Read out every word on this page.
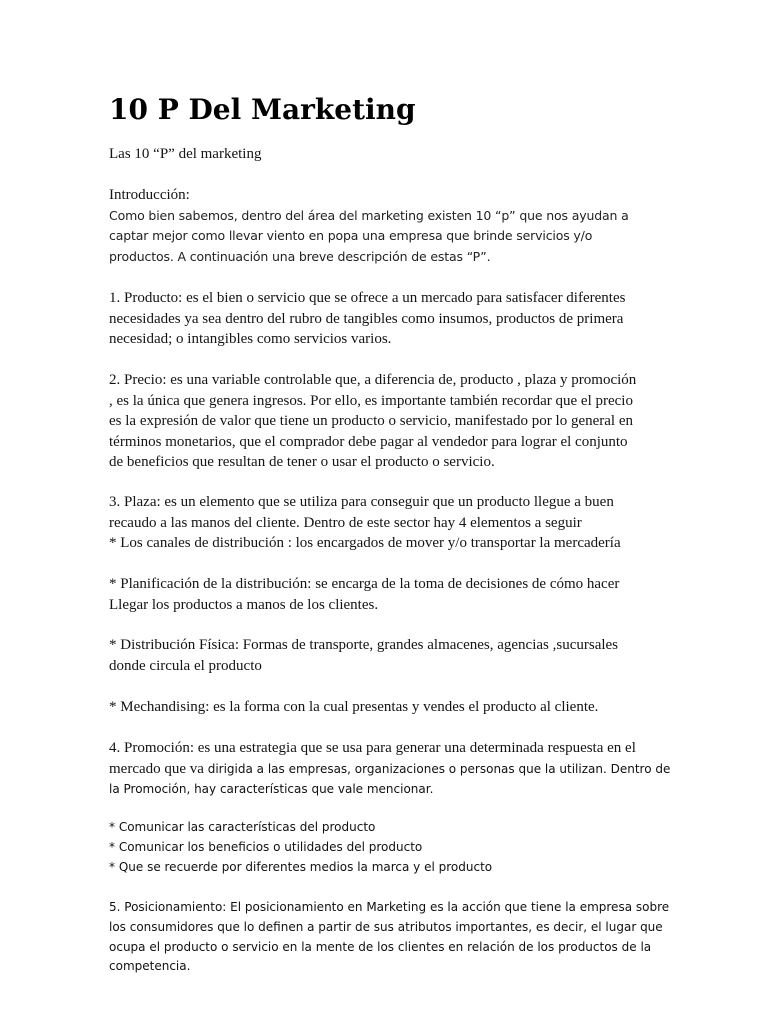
10 P Del Marketing

Las 10 “P” del marketing

Introducción:
Como bien sabemos, dentro del área del marketing existen 10 “p” que nos ayudan a
captar mejor como llevar viento en popa una empresa que brinde servicios y/o
productos. A continuación una breve descripción de estas “P”.
1. Producto: es el bien o servicio que se ofrece a un mercado para satisfacer diferentes
necesidades ya sea dentro del rubro de tangibles como insumos, productos de primera
necesidad; o intangibles como servicios varios.
2. Precio: es una variable controlable que, a diferencia de, producto , plaza y promoción
, es la única que genera ingresos. Por ello, es importante también recordar que el precio
es la expresión de valor que tiene un producto o servicio, manifestado por lo general en
términos monetarios, que el comprador debe pagar al vendedor para lograr el conjunto
de beneficios que resultan de tener o usar el producto o servicio.
3. Plaza: es un elemento que se utiliza para conseguir que un producto llegue a buen
recaudo a las manos del cliente. Dentro de este sector hay 4 elementos a seguir
* Los canales de distribución : los encargados de mover y/o transportar la mercadería
* Planificación de la distribución: se encarga de la toma de decisiones de cómo hacer
Llegar los productos a manos de los clientes.
* Distribución Física: Formas de transporte, grandes almacenes, agencias ,sucursales
donde circula el producto
* Mechandising: es la forma con la cual presentas y vendes el producto al cliente.
4. Promoción: es una estrategia que se usa para generar una determinada respuesta en el
mercado que va dirigida a las empresas, organizaciones o personas que la utilizan. Dentro de
la Promoción, hay características que vale mencionar.
* Comunicar las características del producto
* Comunicar los beneficios o utilidades del producto
* Que se recuerde por diferentes medios la marca y el producto
5. Posicionamiento: El posicionamiento en Marketing es la acción que tiene la empresa sobre
los consumidores que lo definen a partir de sus atributos importantes, es decir, el lugar que
ocupa el producto o servicio en la mente de los clientes en relación de los productos de la
competencia.
